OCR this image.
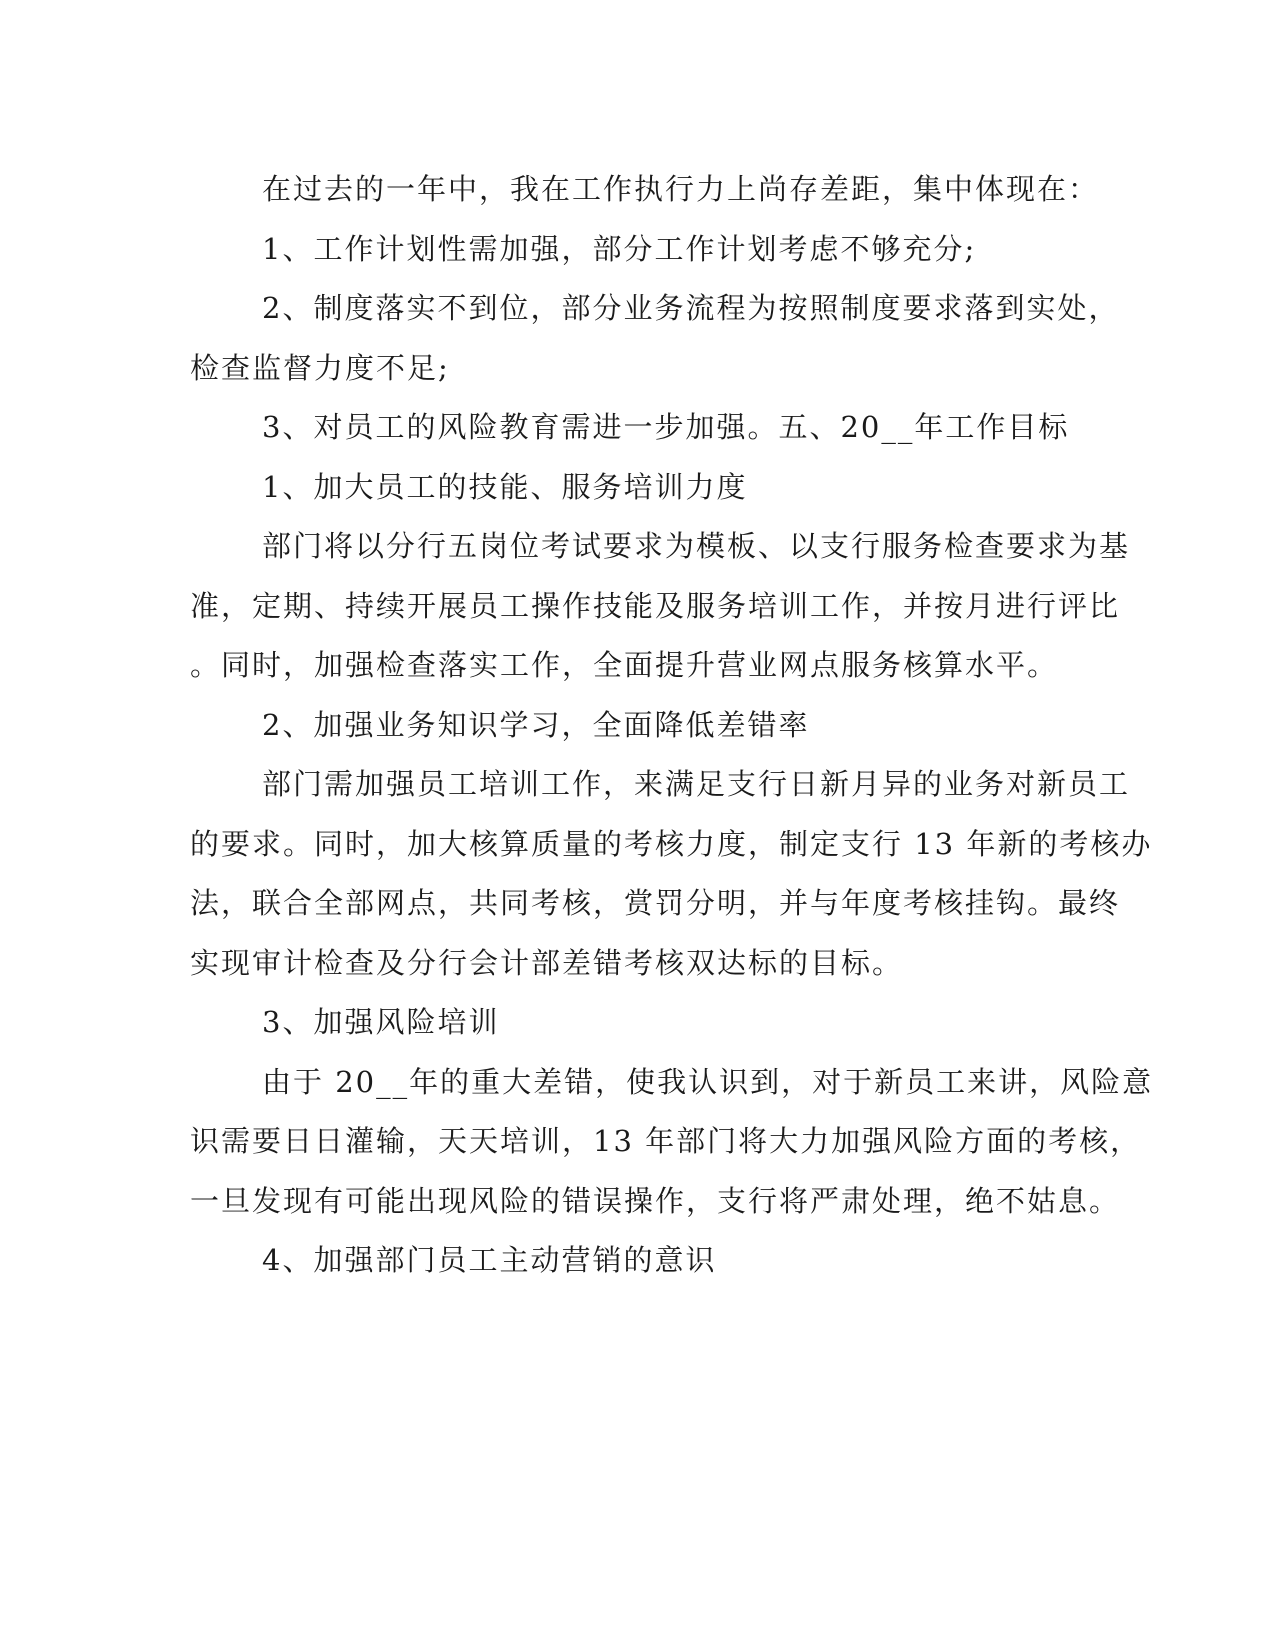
在过去的一年中，我在工作执行力上尚存差距，集中体现在：
1、工作计划性需加强，部分工作计划考虑不够充分;
2、制度落实不到位，部分业务流程为按照制度要求落到实处，
检查监督力度不足;
3、对员工的风险教育需进一步加强。五、20__年工作目标
1、加大员工的技能、服务培训力度
部门将以分行五岗位考试要求为模板、以支行服务检查要求为基
准，定期、持续开展员工操作技能及服务培训工作，并按月进行评比
。同时，加强检查落实工作，全面提升营业网点服务核算水平。
2、加强业务知识学习，全面降低差错率
部门需加强员工培训工作，来满足支行日新月异的业务对新员工
的要求。同时，加大核算质量的考核力度，制定支行 13 年新的考核办
法，联合全部网点，共同考核，赏罚分明，并与年度考核挂钩。最终
实现审计检查及分行会计部差错考核双达标的目标。
3、加强风险培训
由于 20__年的重大差错，使我认识到，对于新员工来讲，风险意
识需要日日灌输，天天培训，13 年部门将大力加强风险方面的考核，
一旦发现有可能出现风险的错误操作，支行将严肃处理，绝不姑息。
4、加强部门员工主动营销的意识
